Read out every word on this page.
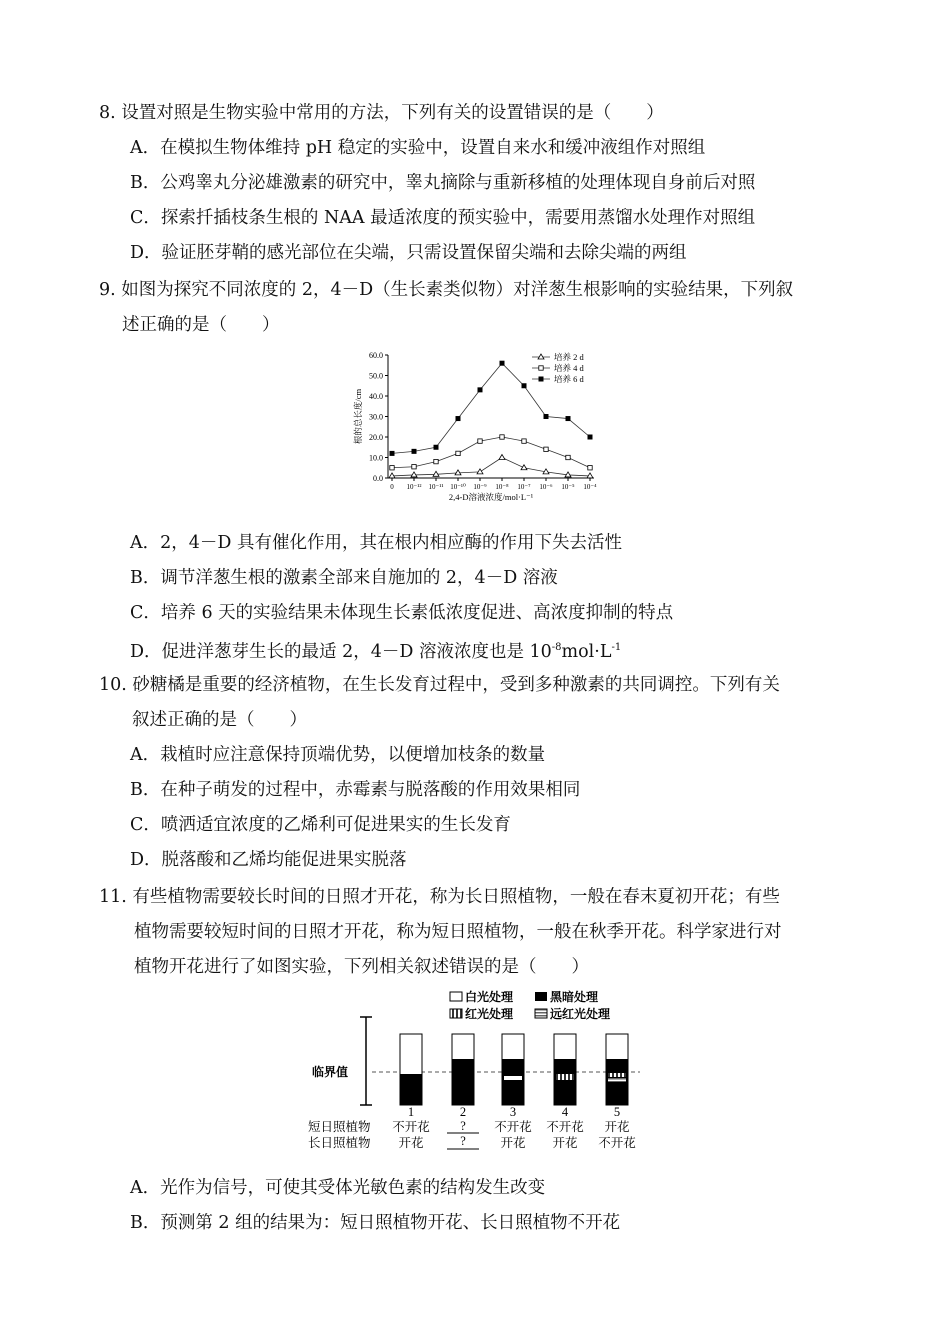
8. 设置对照是生物实验中常用的方法，下列有关的设置错误的是（　　）
A．在模拟生物体维持 pH 稳定的实验中，设置自来水和缓冲液组作对照组
B．公鸡睾丸分泌雄激素的研究中，睾丸摘除与重新移植的处理体现自身前后对照
C．探索扦插枝条生根的 NAA 最适浓度的预实验中，需要用蒸馏水处理作对照组
D．验证胚芽鞘的感光部位在尖端，只需设置保留尖端和去除尖端的两组
9. 如图为探究不同浓度的 2，4－D（生长素类似物）对洋葱生根影响的实验结果，下列叙
述正确的是（　　）
0.0
10.0
20.0
30.0
40.0
50.0
60.0
0 10⁻¹² 10⁻¹¹ 10⁻¹⁰ 10⁻⁹ 10⁻⁸ 10⁻⁷ 10⁻⁶ 10⁻⁵ 10⁻⁴
2,4-D溶液浓度/mol·L⁻¹
根的总长度/cm
培养 2 d
培养 4 d
培养 6 d
A．2，4－D 具有催化作用，其在根内相应酶的作用下失去活性
B．调节洋葱生根的激素全部来自施加的 2，4－D 溶液
C．培养 6 天的实验结果未体现生长素低浓度促进、高浓度抑制的特点
D．促进洋葱芽生长的最适 2，4－D 溶液浓度也是 $10^{-8}mol\cdot L^{-1}$
10. 砂糖橘是重要的经济植物，在生长发育过程中，受到多种激素的共同调控。下列有关
叙述正确的是（　　）
A．栽植时应注意保持顶端优势，以便增加枝条的数量
B．在种子萌发的过程中，赤霉素与脱落酸的作用效果相同
C．喷洒适宜浓度的乙烯利可促进果实的生长发育
D．脱落酸和乙烯均能促进果实脱落
11. 有些植物需要较长时间的日照才开花，称为长日照植物，一般在春末夏初开花；有些
植物需要较短时间的日照才开花，称为短日照植物，一般在秋季开花。科学家进行对
植物开花进行了如图实验，下列相关叙述错误的是（　　）
白光处理	黑暗处理
红光处理	远红光处理
临界值
短日照植物
长日照植物
1
不开花
开花
2
?
?
3
不开花
开花
4
不开花
开花
5
开花
不开花
A．光作为信号，可使其受体光敏色素的结构发生改变
B．预测第 2 组的结果为：短日照植物开花、长日照植物不开花
